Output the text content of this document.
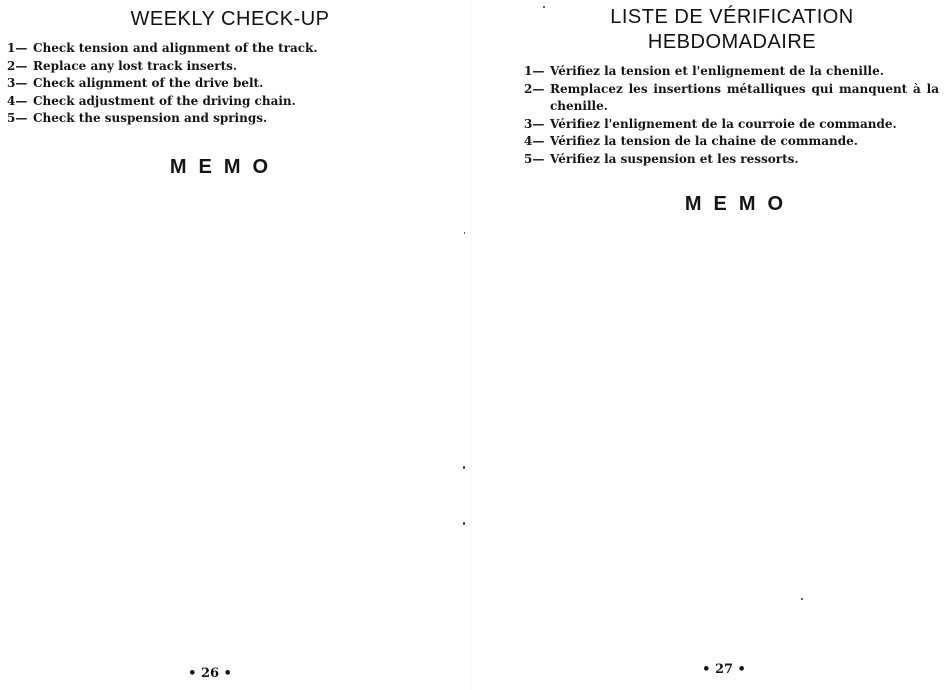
WEEKLY CHECK-UP
1— Check tension and alignment of the track.
2— Replace any lost track inserts.
3— Check alignment of the drive belt.
4— Check adjustment of the driving chain.
5— Check the suspension and springs.
MEMO
• 26 •
LISTE DE VÉRIFICATION
HEBDOMADAIRE
1— Vérifiez la tension et l'enlignement de la chenille.
2— Remplacez les insertions métalliques qui manquent à la chenille.
3— Vérifiez l'enlignement de la courroie de commande.
4— Vérifiez la tension de la chaine de commande.
5— Vérifiez la suspension et les ressorts.
MEMO
• 27 •
